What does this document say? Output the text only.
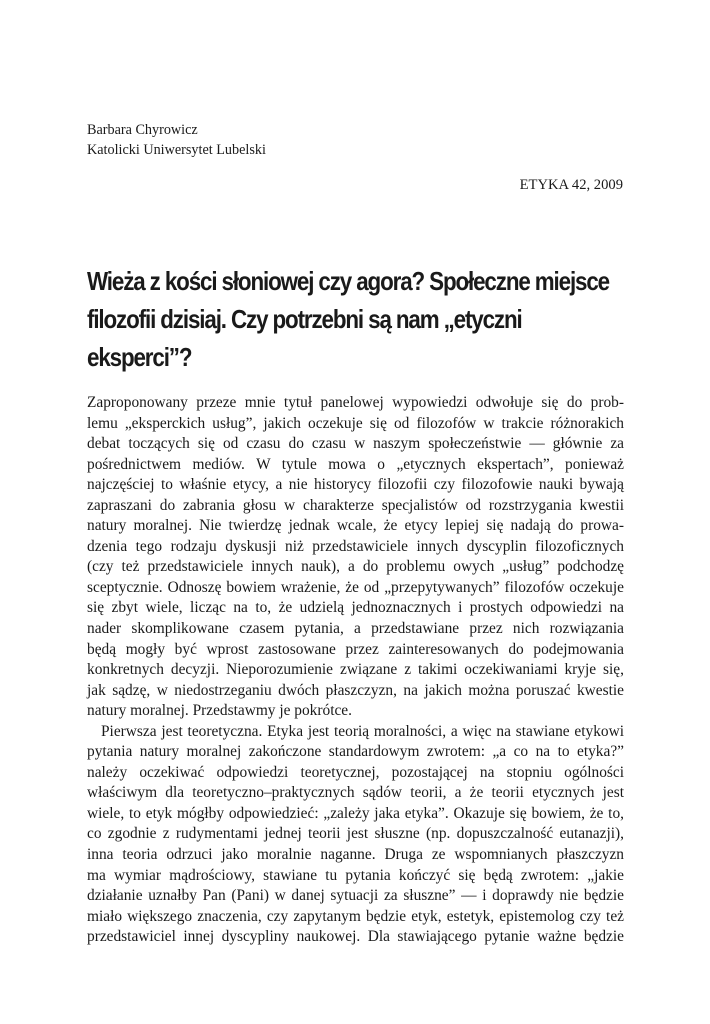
Barbara Chyrowicz
Katolicki Uniwersytet Lubelski
ETYKA 42, 2009
Wieża z kości słoniowej czy agora? Społeczne miejsce
filozofii dzisiaj. Czy potrzebni są nam „etyczni
eksperci”?
Zaproponowany przeze mnie tytuł panelowej wypowiedzi odwołuje się do prob-
lemu „eksperckich usług”, jakich oczekuje się od filozofów w trakcie różnorakich
debat toczących się od czasu do czasu w naszym społeczeństwie — głównie za
pośrednictwem mediów. W tytule mowa o „etycznych ekspertach”, ponieważ
najczęściej to właśnie etycy, a nie historycy filozofii czy filozofowie nauki bywają
zapraszani do zabrania głosu w charakterze specjalistów od rozstrzygania kwestii
natury moralnej. Nie twierdzę jednak wcale, że etycy lepiej się nadają do prowa-
dzenia tego rodzaju dyskusji niż przedstawiciele innych dyscyplin filozoficznych
(czy też przedstawiciele innych nauk), a do problemu owych „usług” podchodzę
sceptycznie. Odnoszę bowiem wrażenie, że od „przepytywanych” filozofów oczekuje
się zbyt wiele, licząc na to, że udzielą jednoznacznych i prostych odpowiedzi na
nader skomplikowane czasem pytania, a przedstawiane przez nich rozwiązania
będą mogły być wprost zastosowane przez zainteresowanych do podejmowania
konkretnych decyzji. Nieporozumienie związane z takimi oczekiwaniami kryje się,
jak sądzę, w niedostrzeganiu dwóch płaszczyzn, na jakich można poruszać kwestie
natury moralnej. Przedstawmy je pokrótce.
Pierwsza jest teoretyczna. Etyka jest teorią moralności, a więc na stawiane etykowi
pytania natury moralnej zakończone standardowym zwrotem: „a co na to etyka?”
należy oczekiwać odpowiedzi teoretycznej, pozostającej na stopniu ogólności
właściwym dla teoretyczno–praktycznych sądów teorii, a że teorii etycznych jest
wiele, to etyk mógłby odpowiedzieć: „zależy jaka etyka”. Okazuje się bowiem, że to,
co zgodnie z rudymentami jednej teorii jest słuszne (np. dopuszczalność eutanazji),
inna teoria odrzuci jako moralnie naganne. Druga ze wspomnianych płaszczyzn
ma wymiar mądrościowy, stawiane tu pytania kończyć się będą zwrotem: „jakie
działanie uznałby Pan (Pani) w danej sytuacji za słuszne” — i doprawdy nie będzie
miało większego znaczenia, czy zapytanym będzie etyk, estetyk, epistemolog czy też
przedstawiciel innej dyscypliny naukowej. Dla stawiającego pytanie ważne będzie
